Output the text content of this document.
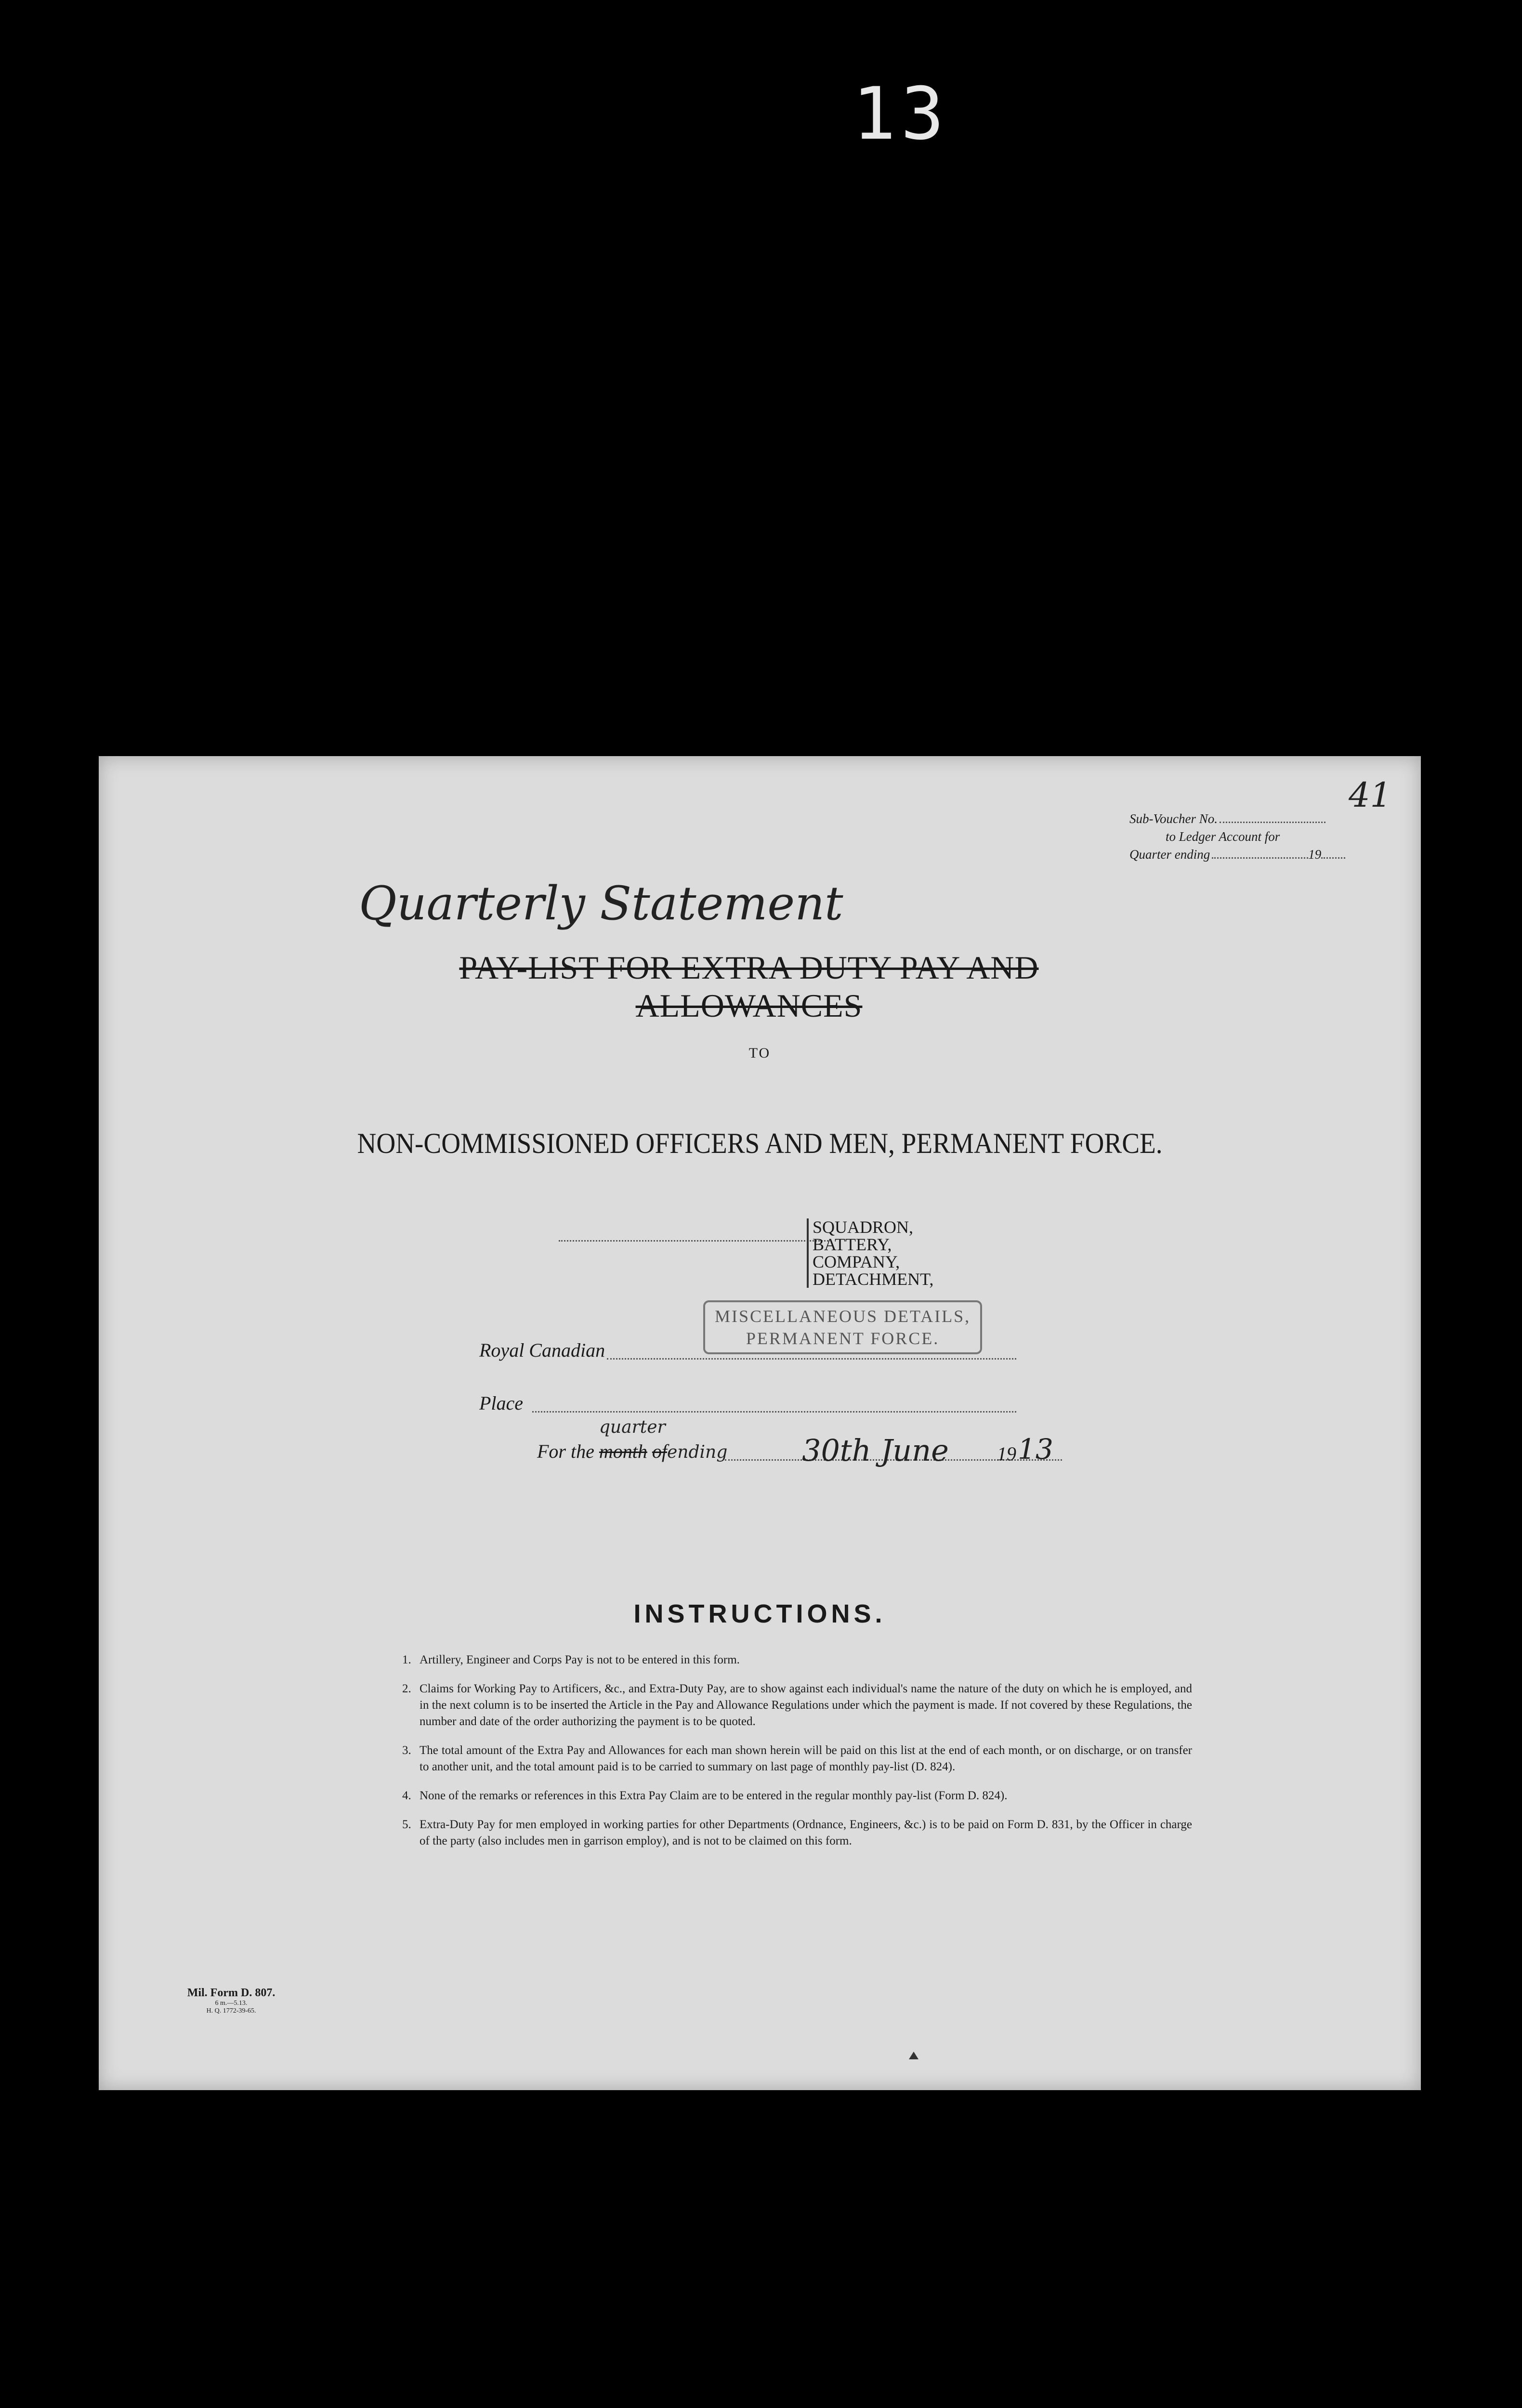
13
41
Sub-Voucher No.
to Ledger Account for
Quarter ending	19
Quarterly Statement
PAY-LIST FOR EXTRA DUTY PAY AND ALLOWANCES
TO
NON-COMMISSIONED OFFICERS AND MEN, PERMANENT FORCE.
SQUADRON,
BATTERY,
COMPANY,
DETACHMENT,
MISCELLANEOUS DETAILS,
PERMANENT FORCE.
Royal Canadian
Place
For the month
quarter
ofending 30th June	19 13
INSTRUCTIONS.
1. Artillery, Engineer and Corps Pay is not to be entered in this form.
2. Claims for Working Pay to Artificers, &c., and Extra-Duty Pay, are to show against each individual's name the nature of the duty on which he is employed, and in the next column is to be inserted the Article in the Pay and Allowance Regulations under which the payment is made. If not covered by these Regulations, the number and date of the order authorizing the payment is to be quoted.
3. The total amount of the Extra Pay and Allowances for each man shown herein will be paid on this list at the end of each month, or on discharge, or on transfer to another unit, and the total amount paid is to be carried to summary on last page of monthly pay-list (D. 824).
4. None of the remarks or references in this Extra Pay Claim are to be entered in the regular monthly pay-list (Form D. 824).
5. Extra-Duty Pay for men employed in working parties for other Departments (Ordnance, Engineers, &c.) is to be paid on Form D. 831, by the Officer in charge of the party (also includes men in garrison employ), and is not to be claimed on this form.
Mil. Form D. 807.
6 m.—5.13.
H. Q. 1772-39-65.
